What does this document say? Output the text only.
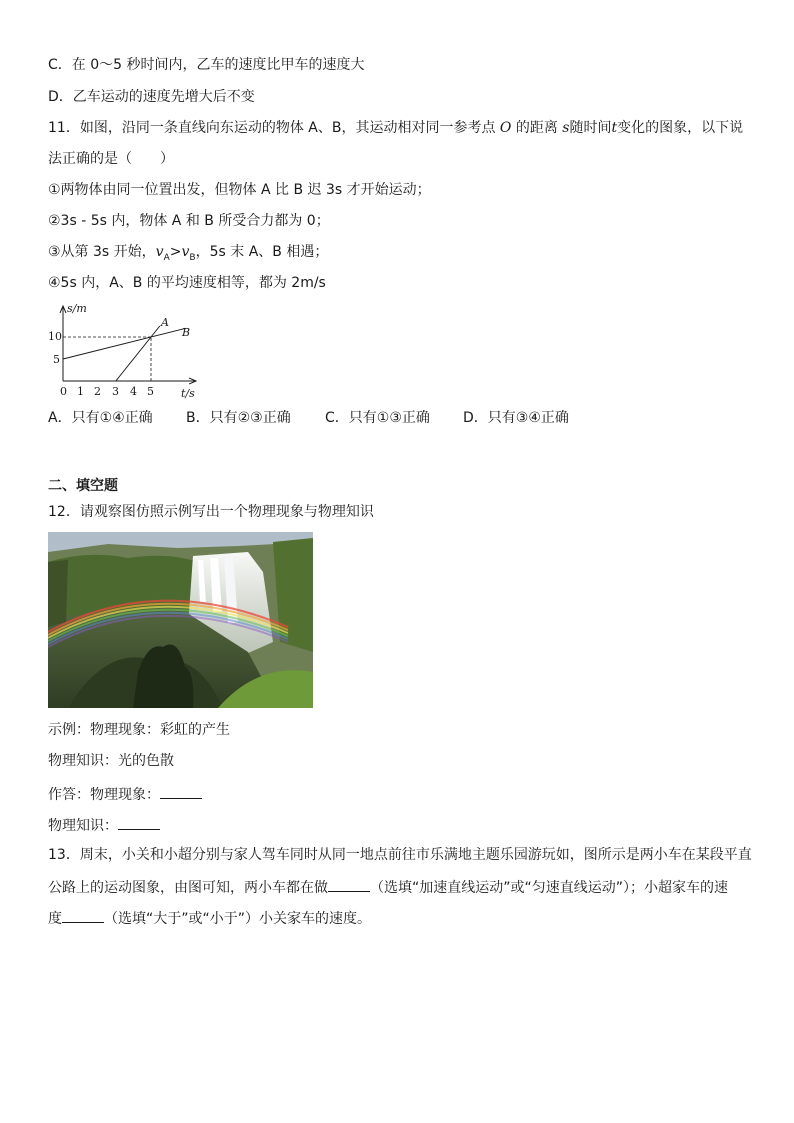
C．在 0～5 秒时间内，乙车的速度比甲车的速度大
D．乙车运动的速度先增大后不变
11．如图，沿同一条直线向东运动的物体 A、B，其运动相对同一参考点 O 的距离 s随时间t变化的图象，以下说
法正确的是（　　）
①两物体由同一位置出发，但物体 A 比 B 迟 3s 才开始运动；
②3s - 5s 内，物体 A 和 B 所受合力都为 0；
③从第 3s 开始，$v_A>v_B$，5s 末 A、B 相遇；
④5s 内，A、B 的平均速度相等，都为 2m/s
s/m
t/s
10
5
0 1 2 3 4 5
A
B
A．只有①④正确 B．只有②③正确 C．只有①③正确 D．只有③④正确
二、填空题
12．请观察图仿照示例写出一个物理现象与物理知识
示例：物理现象：彩虹的产生
物理知识：光的色散
作答：物理现象：
物理知识：
13．周末，小关和小超分别与家人驾车同时从同一地点前往市乐满地主题乐园游玩如，图所示是两小车在某段平直
公路上的运动图象，由图可知，两小车都在做	（选填“加速直线运动”或“匀速直线运动”）；小超家车的速
度	（选填“大于”或“小于”）小关家车的速度。
